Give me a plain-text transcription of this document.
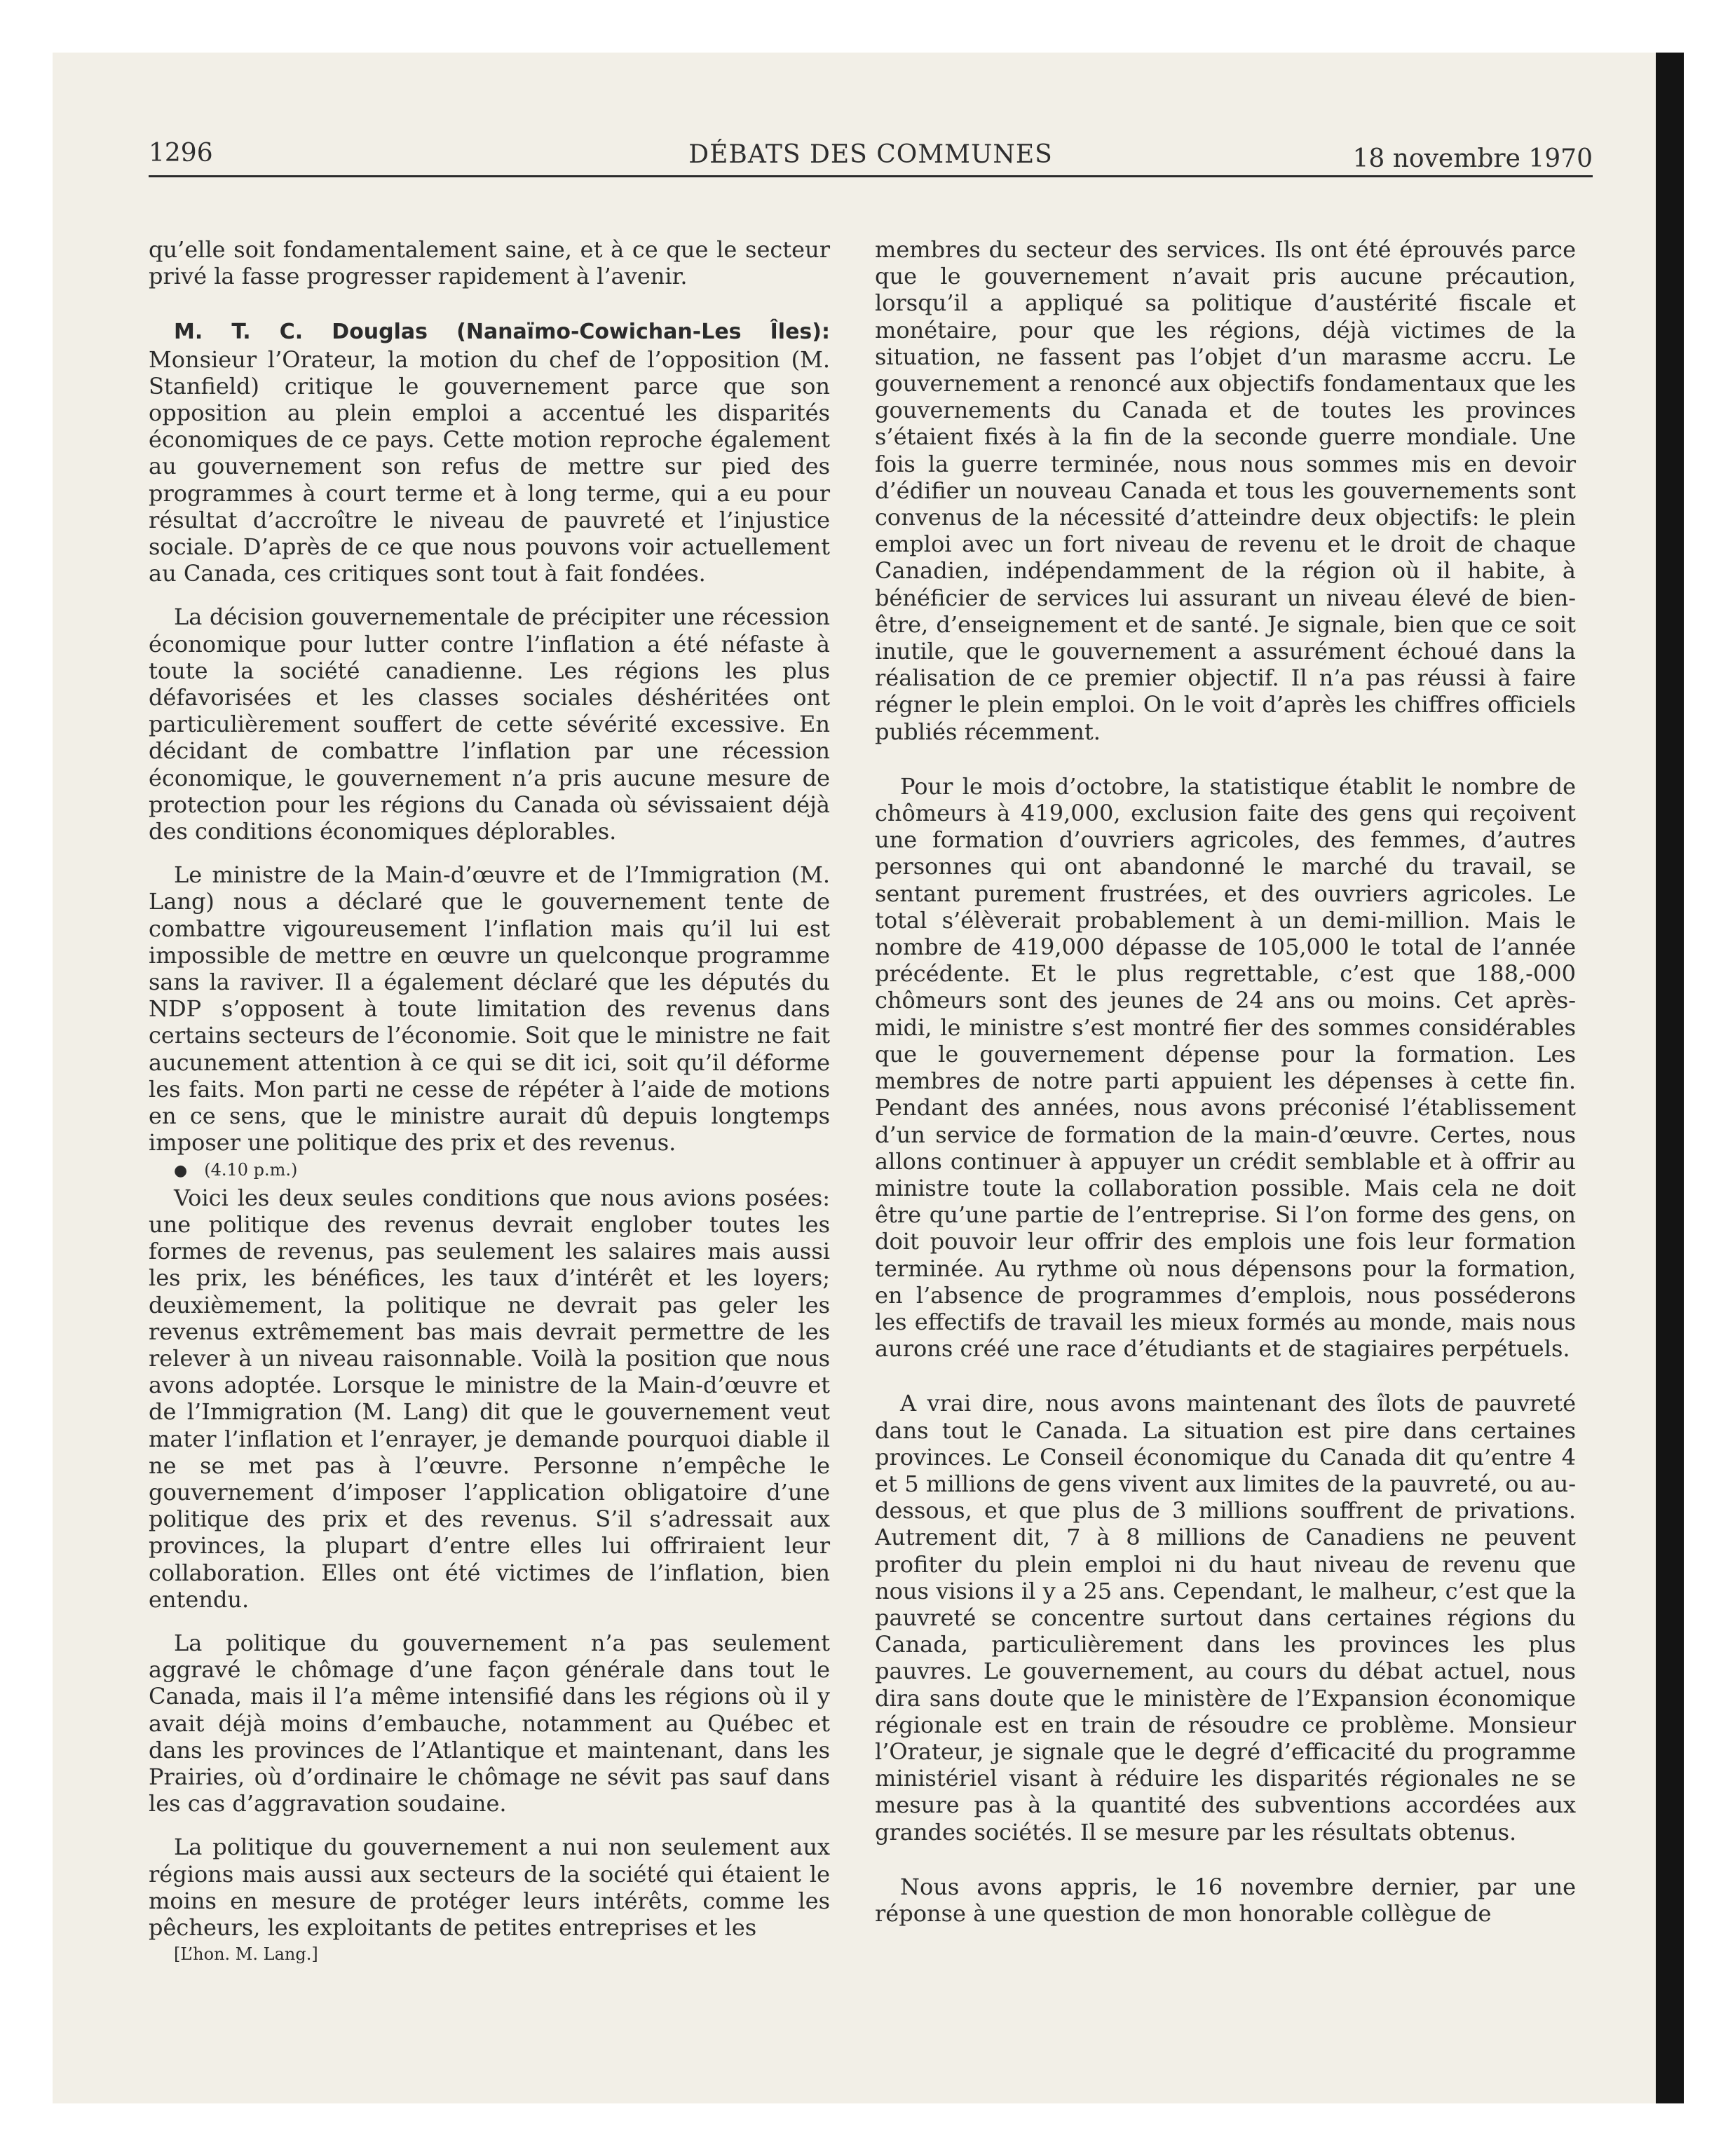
1296	DÉBATS DES COMMUNES	18 novembre 1970

qu’elle soit fondamentalement saine, et à ce que le secteur privé la fasse progresser rapidement à l’avenir.

M. T. C. Douglas (Nanaïmo-Cowichan-Les Îles): Monsieur l’Orateur, la motion du chef de l’opposition (M. Stanfield) critique le gouvernement parce que son opposition au plein emploi a accentué les disparités économiques de ce pays. Cette motion reproche également au gouvernement son refus de mettre sur pied des programmes à court terme et à long terme, qui a eu pour résultat d’accroître le niveau de pauvreté et l’injustice sociale. D’après de ce que nous pouvons voir actuellement au Canada, ces critiques sont tout à fait fondées.

La décision gouvernementale de précipiter une récession économique pour lutter contre l’inflation a été néfaste à toute la société canadienne. Les régions les plus défavorisées et les classes sociales déshéritées ont particulièrement souffert de cette sévérité excessive. En décidant de combattre l’inflation par une récession économique, le gouvernement n’a pris aucune mesure de protection pour les régions du Canada où sévissaient déjà des conditions économiques déplorables.

Le ministre de la Main-d’œuvre et de l’Immigration (M. Lang) nous a déclaré que le gouvernement tente de combattre vigoureusement l’inflation mais qu’il lui est impossible de mettre en œuvre un quelconque programme sans la raviver. Il a également déclaré que les députés du NDP s’opposent à toute limitation des revenus dans certains secteurs de l’économie. Soit que le ministre ne fait aucunement attention à ce qui se dit ici, soit qu’il déforme les faits. Mon parti ne cesse de répéter à l’aide de motions en ce sens, que le ministre aurait dû depuis longtemps imposer une politique des prix et des revenus.

● (4.10 p.m.)

Voici les deux seules conditions que nous avions posées: une politique des revenus devrait englober toutes les formes de revenus, pas seulement les salaires mais aussi les prix, les bénéfices, les taux d’intérêt et les loyers; deuxièmement, la politique ne devrait pas geler les revenus extrêmement bas mais devrait permettre de les relever à un niveau raisonnable. Voilà la position que nous avons adoptée. Lorsque le ministre de la Main-d’œuvre et de l’Immigration (M. Lang) dit que le gouvernement veut mater l’inflation et l’enrayer, je demande pourquoi diable il ne se met pas à l’œuvre. Personne n’empêche le gouvernement d’imposer l’application obligatoire d’une politique des prix et des revenus. S’il s’adressait aux provinces, la plupart d’entre elles lui offriraient leur collaboration. Elles ont été victimes de l’inflation, bien entendu.

La politique du gouvernement n’a pas seulement aggravé le chômage d’une façon générale dans tout le Canada, mais il l’a même intensifié dans les régions où il y avait déjà moins d’embauche, notamment au Québec et dans les provinces de l’Atlantique et maintenant, dans les Prairies, où d’ordinaire le chômage ne sévit pas sauf dans les cas d’aggravation soudaine.

La politique du gouvernement a nui non seulement aux régions mais aussi aux secteurs de la société qui étaient le moins en mesure de protéger leurs intérêts, comme les pêcheurs, les exploitants de petites entreprises et les

[L’hon. M. Lang.]

membres du secteur des services. Ils ont été éprouvés parce que le gouvernement n’avait pris aucune précaution, lorsqu’il a appliqué sa politique d’austérité fiscale et monétaire, pour que les régions, déjà victimes de la situation, ne fassent pas l’objet d’un marasme accru. Le gouvernement a renoncé aux objectifs fondamentaux que les gouvernements du Canada et de toutes les provinces s’étaient fixés à la fin de la seconde guerre mondiale. Une fois la guerre terminée, nous nous sommes mis en devoir d’édifier un nouveau Canada et tous les gouvernements sont convenus de la nécessité d’atteindre deux objectifs: le plein emploi avec un fort niveau de revenu et le droit de chaque Canadien, indépendamment de la région où il habite, à bénéficier de services lui assurant un niveau élevé de bien-être, d’enseignement et de santé. Je signale, bien que ce soit inutile, que le gouvernement a assurément échoué dans la réalisation de ce premier objectif. Il n’a pas réussi à faire régner le plein emploi. On le voit d’après les chiffres officiels publiés récemment.

Pour le mois d’octobre, la statistique établit le nombre de chômeurs à 419,000, exclusion faite des gens qui reçoivent une formation d’ouvriers agricoles, des femmes, d’autres personnes qui ont abandonné le marché du travail, se sentant purement frustrées, et des ouvriers agricoles. Le total s’élèverait probablement à un demi-million. Mais le nombre de 419,000 dépasse de 105,000 le total de l’année précédente. Et le plus regrettable, c’est que 188,-000 chômeurs sont des jeunes de 24 ans ou moins. Cet après-midi, le ministre s’est montré fier des sommes considérables que le gouvernement dépense pour la formation. Les membres de notre parti appuient les dépenses à cette fin. Pendant des années, nous avons préconisé l’établissement d’un service de formation de la main-d’œuvre. Certes, nous allons continuer à appuyer un crédit semblable et à offrir au ministre toute la collaboration possible. Mais cela ne doit être qu’une partie de l’entreprise. Si l’on forme des gens, on doit pouvoir leur offrir des emplois une fois leur formation terminée. Au rythme où nous dépensons pour la formation, en l’absence de programmes d’emplois, nous posséderons les effectifs de travail les mieux formés au monde, mais nous aurons créé une race d’étudiants et de stagiaires perpétuels.

A vrai dire, nous avons maintenant des îlots de pauvreté dans tout le Canada. La situation est pire dans certaines provinces. Le Conseil économique du Canada dit qu’entre 4 et 5 millions de gens vivent aux limites de la pauvreté, ou au-dessous, et que plus de 3 millions souffrent de privations. Autrement dit, 7 à 8 millions de Canadiens ne peuvent profiter du plein emploi ni du haut niveau de revenu que nous visions il y a 25 ans. Cependant, le malheur, c’est que la pauvreté se concentre surtout dans certaines régions du Canada, particulièrement dans les provinces les plus pauvres. Le gouvernement, au cours du débat actuel, nous dira sans doute que le ministère de l’Expansion économique régionale est en train de résoudre ce problème. Monsieur l’Orateur, je signale que le degré d’efficacité du programme ministériel visant à réduire les disparités régionales ne se mesure pas à la quantité des subventions accordées aux grandes sociétés. Il se mesure par les résultats obtenus.

Nous avons appris, le 16 novembre dernier, par une réponse à une question de mon honorable collègue de
